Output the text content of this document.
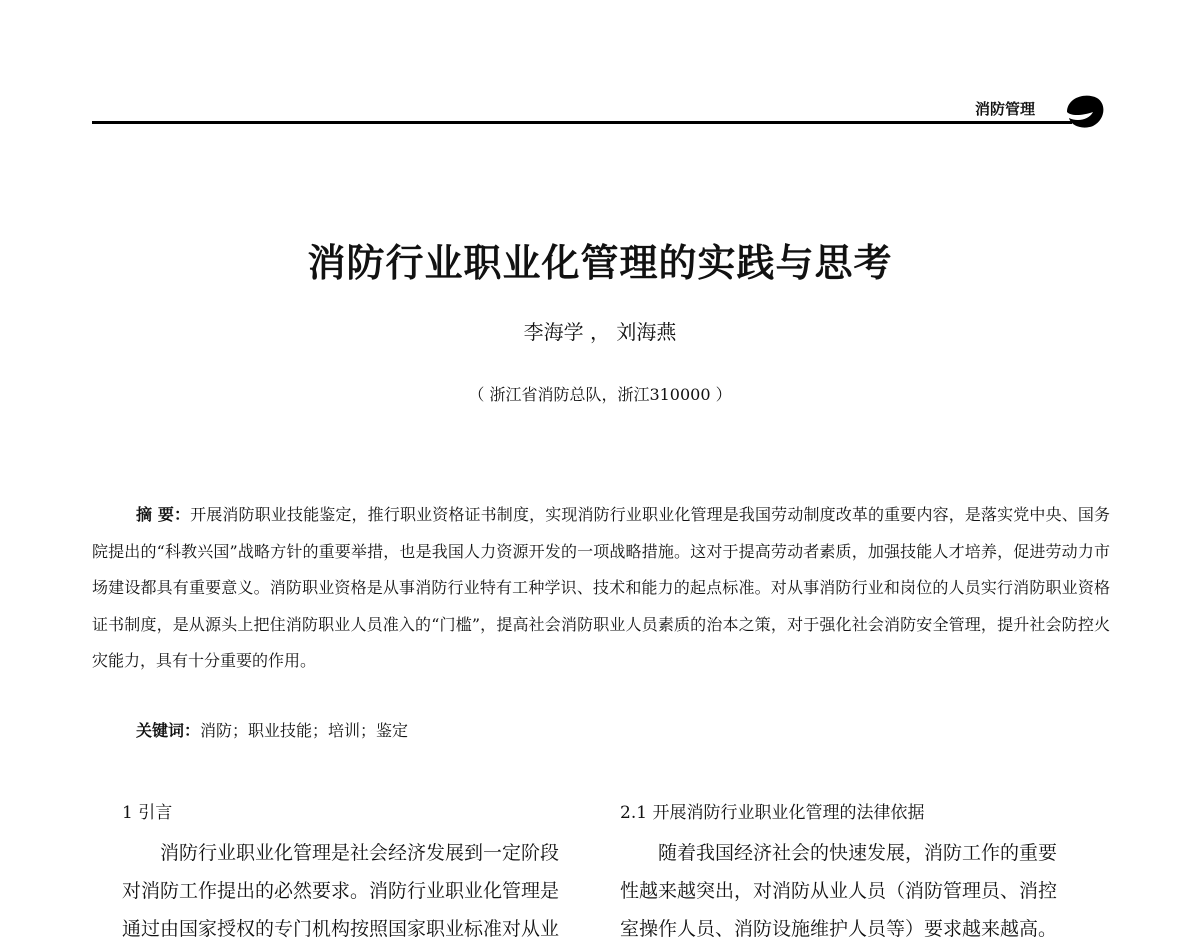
消防管理
消防行业职业化管理的实践与思考
李海学 ， 刘海燕
（ 浙江省消防总队，浙江310000 ）
摘 要：开展消防职业技能鉴定，推行职业资格证书制度，实现消防行业职业化管理是我国劳动制度改革的重要内容，是落实党中央、国务院提出的“科教兴国”战略方针的重要举措，也是我国人力资源开发的一项战略措施。这对于提高劳动者素质，加强技能人才培养，促进劳动力市场建设都具有重要意义。消防职业资格是从事消防行业特有工种学识、技术和能力的起点标准。对从事消防行业和岗位的人员实行消防职业资格证书制度，是从源头上把住消防职业人员准入的“门槛”，提高社会消防职业人员素质的治本之策，对于强化社会消防安全管理，提升社会防控火灾能力，具有十分重要的作用。
关键词：消防；职业技能；培训；鉴定
1 引言

消防行业职业化管理是社会经济发展到一定阶段
对消防工作提出的必然要求。消防行业职业化管理是
通过由国家授权的专门机构按照国家职业标准对从业

2.1 开展消防行业职业化管理的法律依据

随着我国经济社会的快速发展，消防工作的重要
性越来越突出，对消防从业人员（消防管理员、消控
室操作人员、消防设施维护人员等）要求越来越高。
